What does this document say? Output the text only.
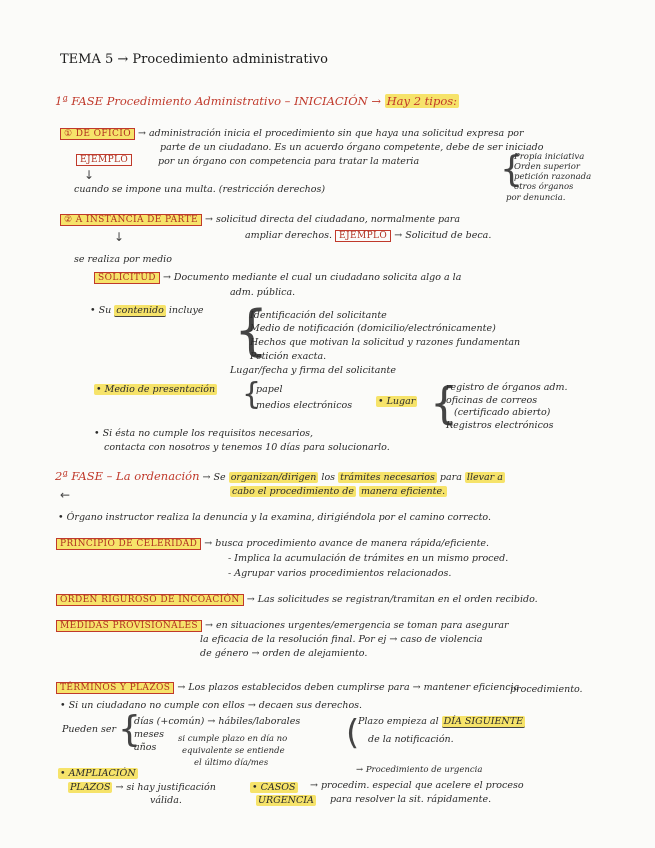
TEMA 5 → Procedimiento administrativo
1ª FASE Procedimiento Administrativo – INICIACIÓN → Hay 2 tipos:
① DE OFICIO → administración inicia el procedimiento sin que haya una solicitud expresa por
parte de un ciudadano. Es un acuerdo órgano competente, debe de ser iniciado
EJEMPLO	por un órgano con competencia para tratar la materia
↓
cuando se impone una multa. (restricción derechos)	{
Propia iniciativa
Orden superior
petición razonada
otros órganos
por denuncia.
② A INSTANCIA DE PARTE → solicitud directa del ciudadano, normalmente para
ampliar derechos. EJEMPLO → Solicitud de beca.
↓
se realiza por medio
SOLICITUD → Documento mediante el cual un ciudadano solicita algo a la
adm. pública.
• Su contenido incluye {
Identificación del solicitante
Medio de notificación (domicilio/electrónicamente)
Hechos que motivan la solicitud y razones fundamentan
Petición exacta.
Lugar/fecha y firma del solicitante
• Medio de presentación {
papel
medios electrónicos	• Lugar {
registro de órganos adm.
oficinas de correos
(certificado abierto)
Registros electrónicos
• Si ésta no cumple los requisitos necesarios,
contacta con nosotros y tenemos 10 días para solucionarlo.
2ª FASE – La ordenación → Se organizan/dirigen los trámites necesarios para llevar a
cabo el procedimiento de manera eficiente.
←
• Órgano instructor realiza la denuncia y la examina, dirigiéndola por el camino correcto.
PRINCIPIO DE CELERIDAD → busca procedimiento avance de manera rápida/eficiente.
- Implica la acumulación de trámites en un mismo proced.
- Agrupar varios procedimientos relacionados.
ORDEN RIGUROSO DE INCOACIÓN → Las solicitudes se registran/tramitan en el orden recibido.
MEDIDAS PROVISIONALES → en situaciones urgentes/emergencia se toman para asegurar
la eficacia de la resolución final. Por ej → caso de violencia
de género → orden de alejamiento.
TÉRMINOS Y PLAZOS → Los plazos establecidos deben cumplirse para → mantener eficiencia
procedimiento.
• Si un ciudadano no cumple con ellos → decaen sus derechos.
Pueden ser {
días (+común) → hábiles/laborales
meses
años
si cumple plazo en día no
equivalente se entiende
el último día/mes
(
Plazo empieza al DÍA SIGUIENTE
de la notificación.
• AMPLIACIÓN
PLAZOS → si hay justificación
válida.
→ Procedimiento de urgencia
• CASOS
URGENCIA
→ procedim. especial que acelere el proceso
para resolver la sit. rápidamente.
